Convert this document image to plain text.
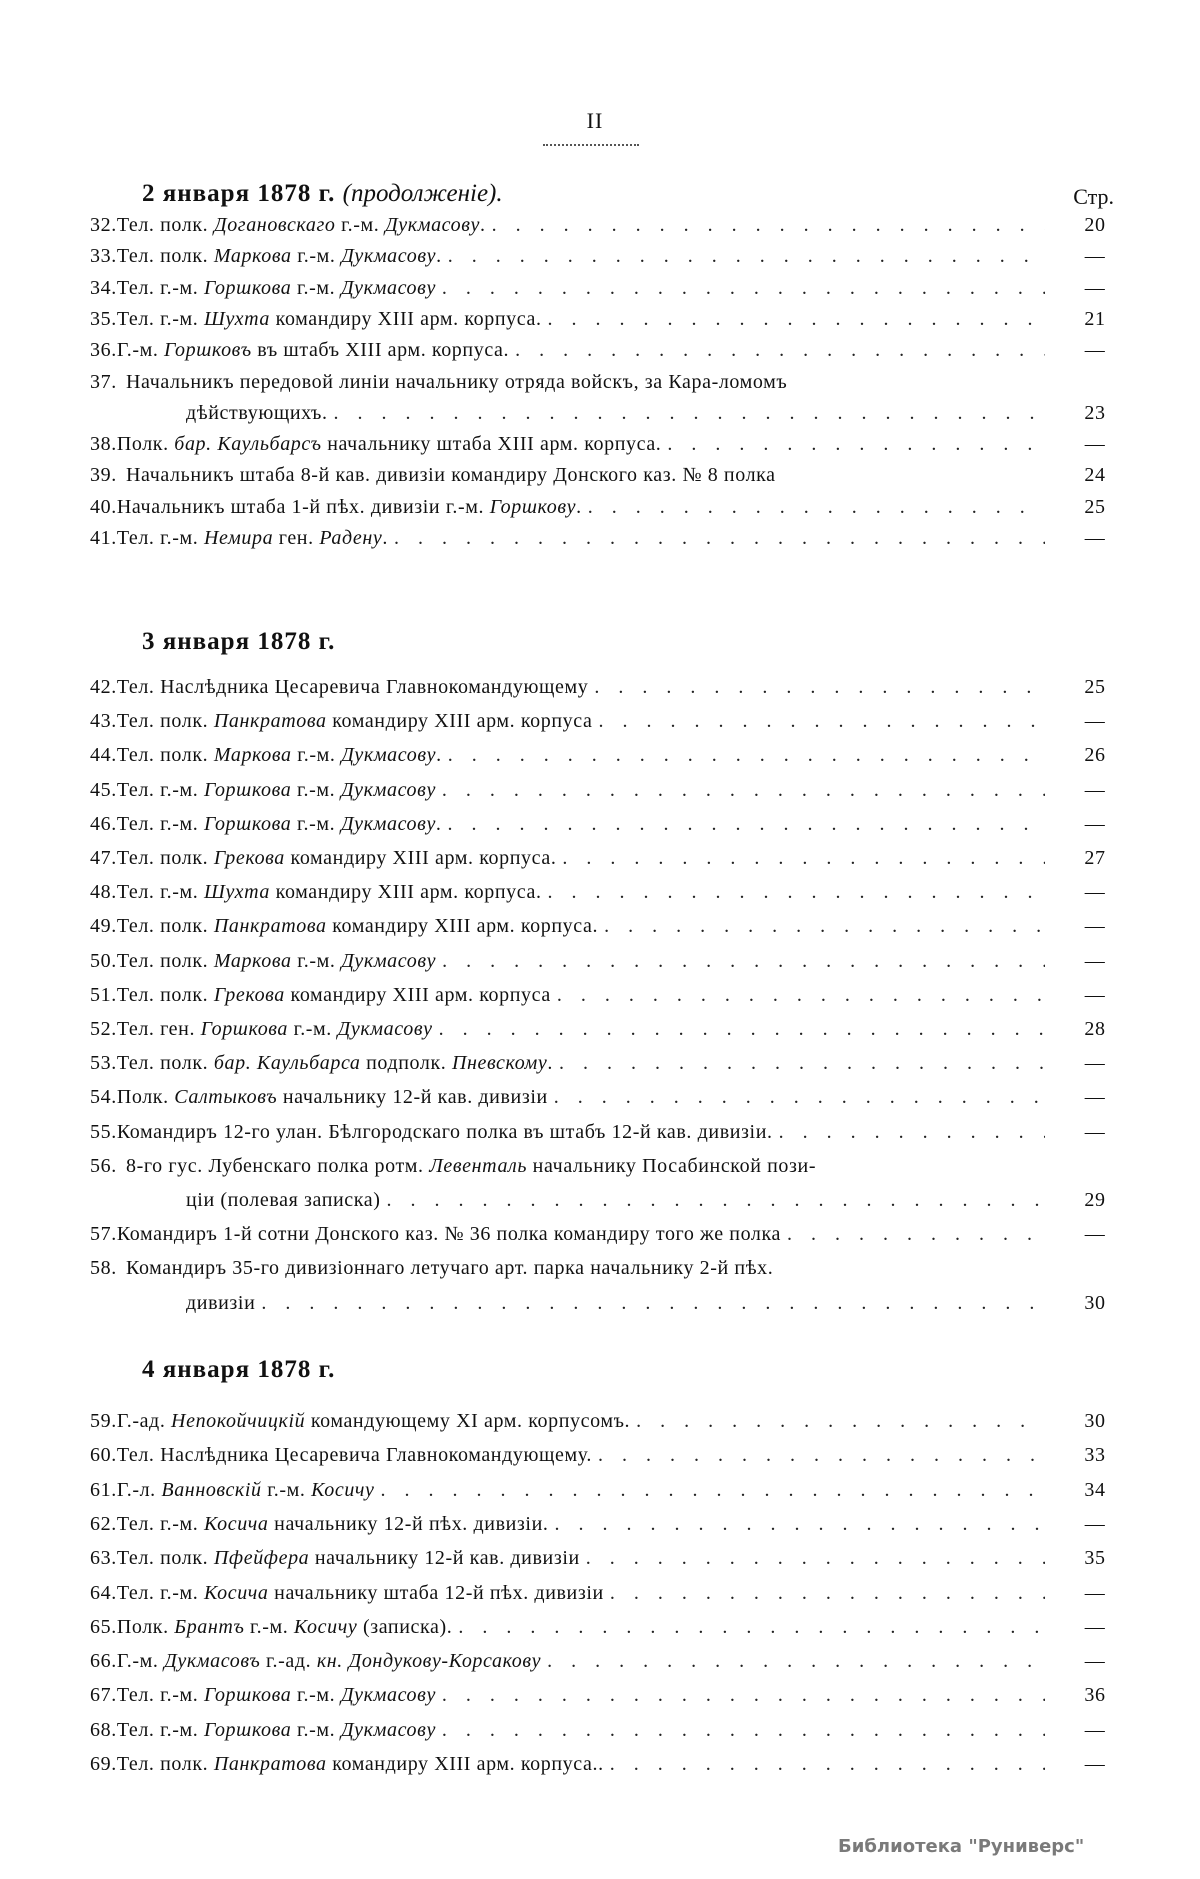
II
2 января 1878 г. (продолженіе).	Стр.
32. Тел. полк. Догановскаго г.-м. Дукмасову. . . .	20
33. Тел. полк. Маркова г.-м. Дукмасову. . . .	—
34. Тел. г.-м. Горшкова г.-м. Дукмасову . . .	—
35. Тел. г.-м. Шухта командиру XIII арм. корпуса. . . .	21
36. Г.-м. Горшковъ въ штабъ XIII арм. корпуса. . . .	—
37. Начальникъ передовой линіи начальнику отряда войскъ, за Кара-ломомъ
дѣйствующихъ. . . .	23
38. Полк. бар. Каульбарсъ начальнику штаба XIII арм. корпуса. . . .	—
39. Начальникъ штаба 8-й кав. дивизіи командиру Донского каз. № 8 полка	24
40. Начальникъ штаба 1-й пѣх. дивизіи г.-м. Горшкову. . . .	25
41. Тел. г.-м. Немира ген. Радену. . . .	—
3 января 1878 г.
42. Тел. Наслѣдника Цесаревича Главнокомандующему . . .	25
43. Тел. полк. Панкратова командиру XIII арм. корпуса . . .	—
44. Тел. полк. Маркова г.-м. Дукмасову. . . .	26
45. Тел. г.-м. Горшкова г.-м. Дукмасову . . .	—
46. Тел. г.-м. Горшкова г.-м. Дукмасову. . . .	—
47. Тел. полк. Грекова командиру XIII арм. корпуса. . . .	27
48. Тел. г.-м. Шухта командиру XIII арм. корпуса. . . .	—
49. Тел. полк. Панкратова командиру XIII арм. корпуса. . . .	—
50. Тел. полк. Маркова г.-м. Дукмасову . . .	—
51. Тел. полк. Грекова командиру XIII арм. корпуса . . .	—
52. Тел. ген. Горшкова г.-м. Дукмасову . . .	28
53. Тел. полк. бар. Каульбарса подполк. Пневскому. . . .	—
54. Полк. Салтыковъ начальнику 12-й кав. дивизіи . . .	—
55. Командиръ 12-го улан. Бѣлгородскаго полка въ штабъ 12-й кав. дивизіи. . . .	—
56. 8-го гус. Лубенскаго полка ротм. Левенталь начальнику Посабинской пози-
ціи (полевая записка) . . .	29
57. Командиръ 1-й сотни Донского каз. № 36 полка командиру того же полка . . .	—
58. Командиръ 35-го дивизіоннаго летучаго арт. парка начальнику 2-й пѣх.
дивизіи . . .	30
4 января 1878 г.
59. Г.-ад. Непокойчицкій командующему XI арм. корпусомъ. . . .	30
60. Тел. Наслѣдника Цесаревича Главнокомандующему. . . .	33
61. Г.-л. Ванновскій г.-м. Косичу . . .	34
62. Тел. г.-м. Косича начальнику 12-й пѣх. дивизіи. . . .	—
63. Тел. полк. Пфейфера начальнику 12-й кав. дивизіи . . .	35
64. Тел. г.-м. Косича начальнику штаба 12-й пѣх. дивизіи . . .	—
65. Полк. Брантъ г.-м. Косичу (записка). . . .	—
66. Г.-м. Дукмасовъ г.-ад. кн. Дондукову-Корсакову . . .	—
67. Тел. г.-м. Горшкова г.-м. Дукмасову . . .	36
68. Тел. г.-м. Горшкова г.-м. Дукмасову . . .	—
69. Тел. полк. Панкратова командиру XIII арм. корпуса.. . . .	—
Библиотека "Руниверс"
